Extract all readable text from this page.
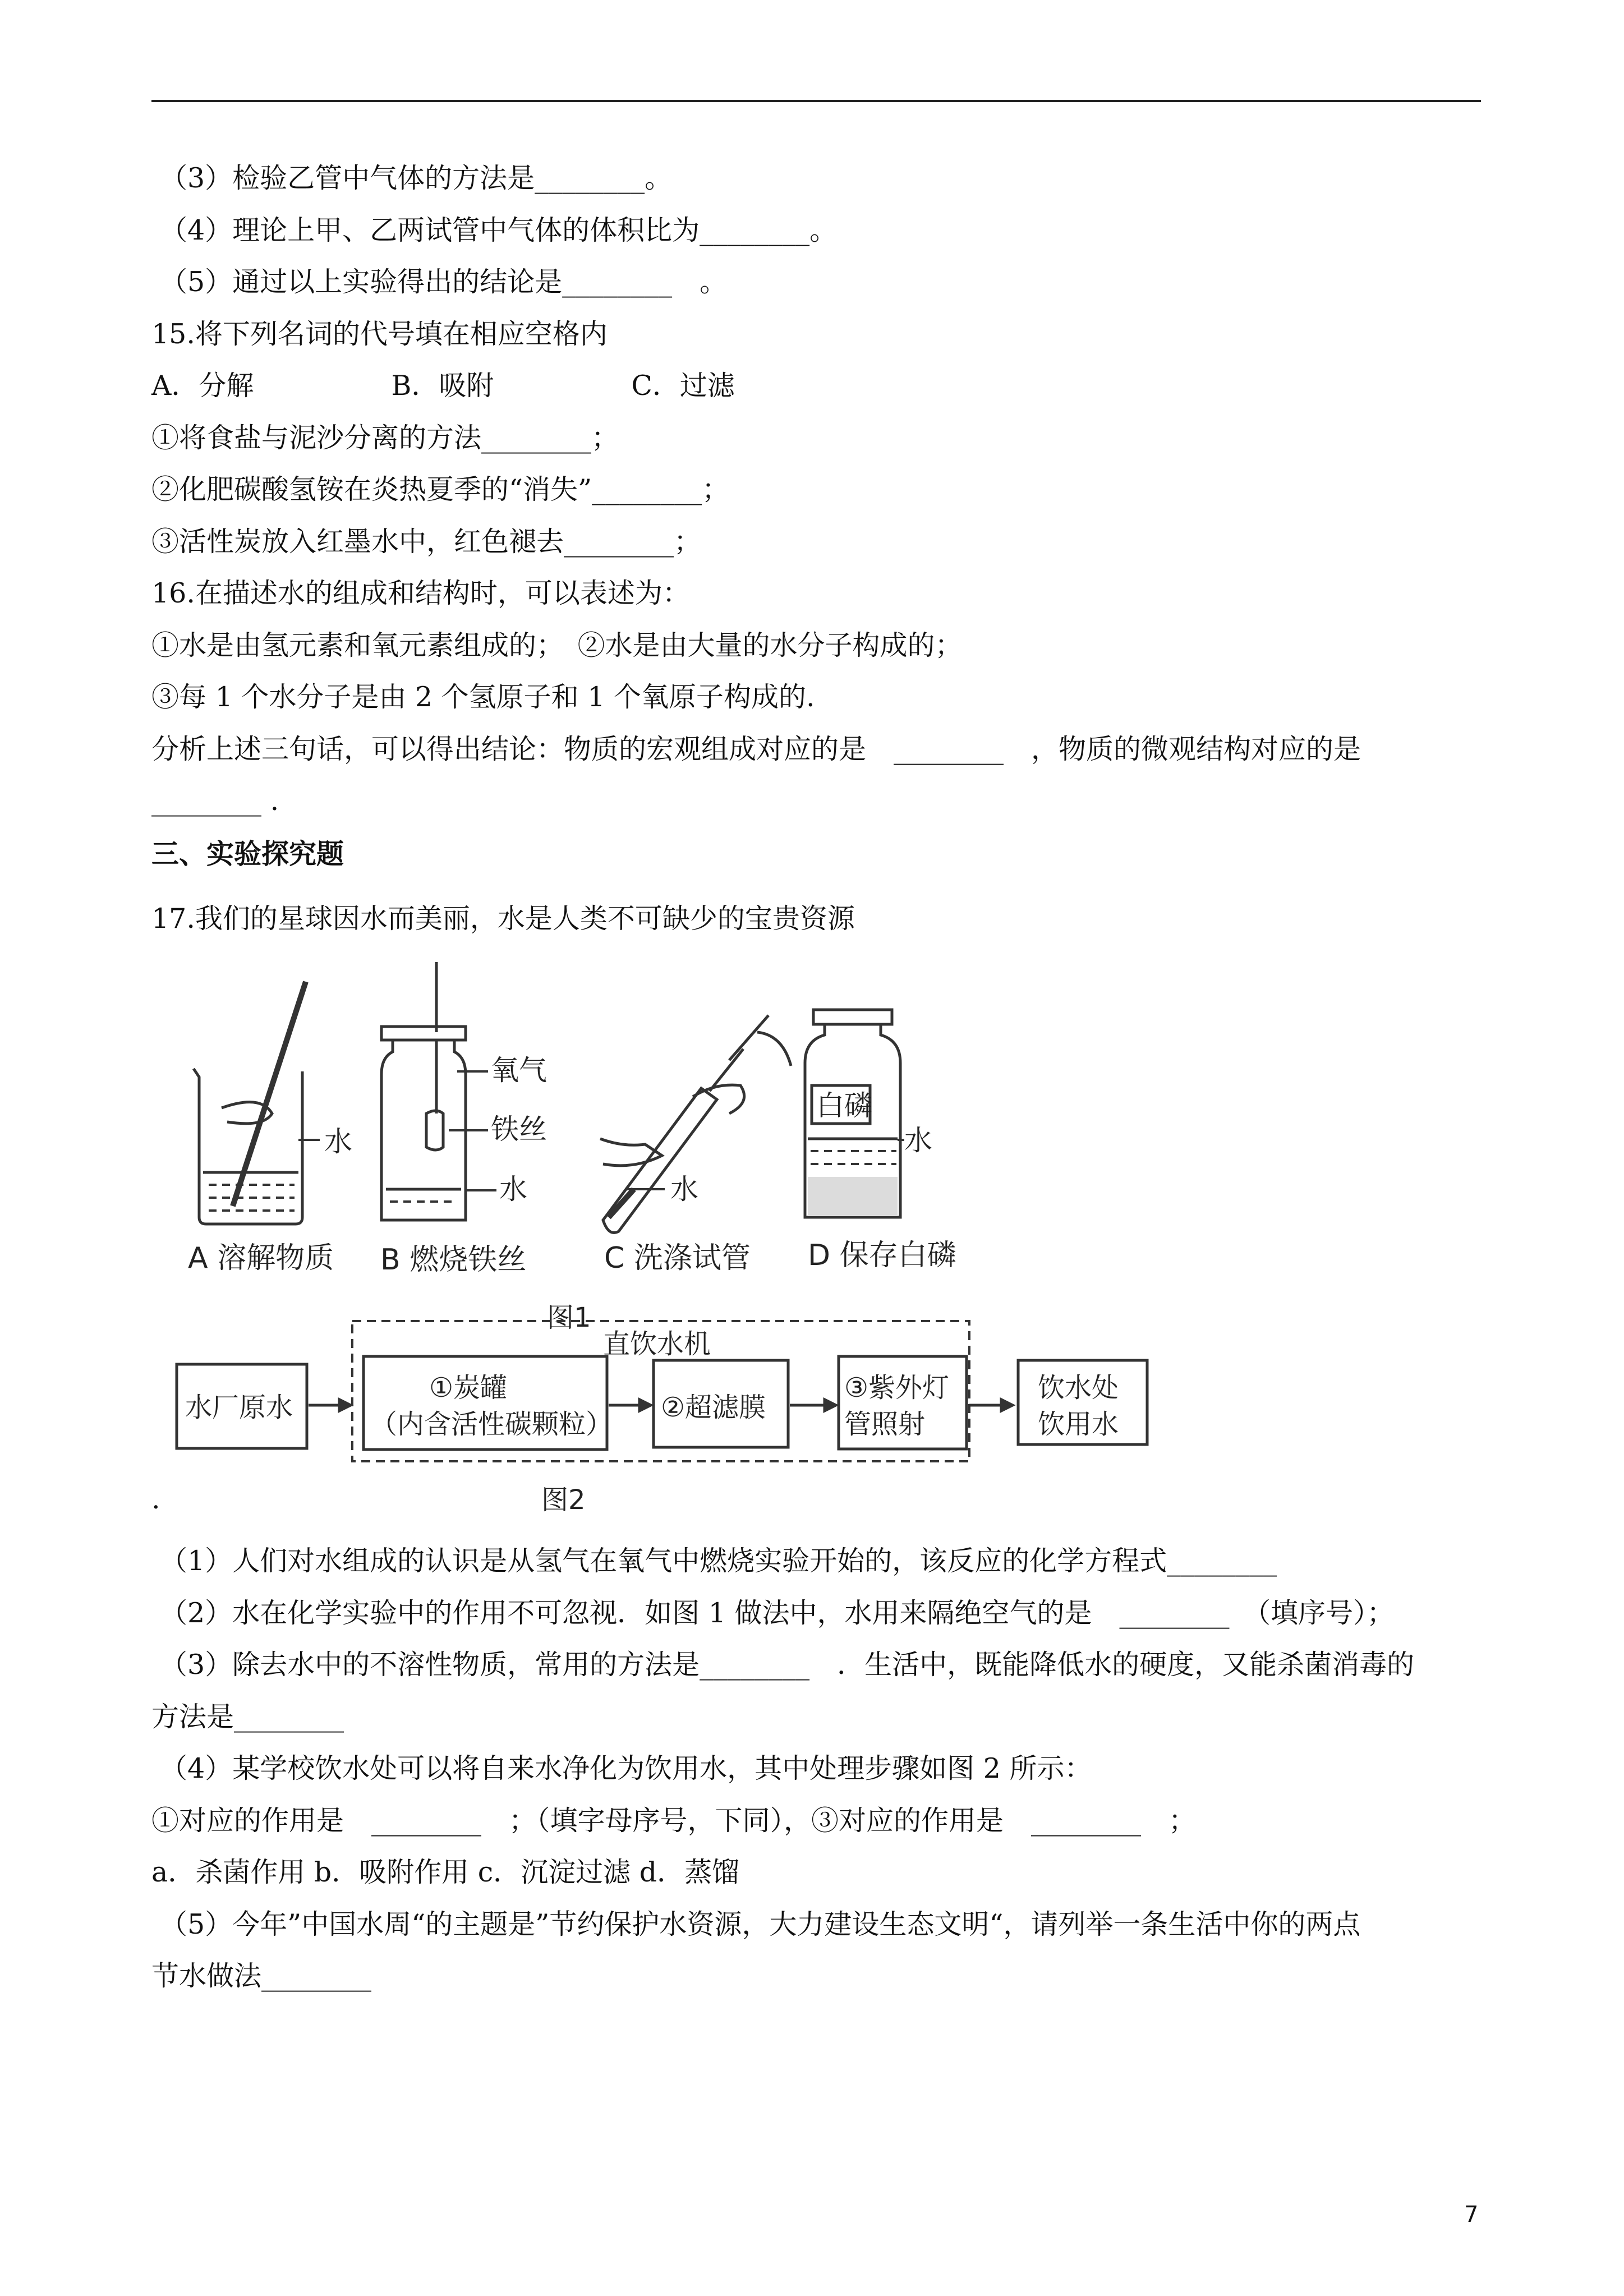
（3）检验乙管中气体的方法是________。
（4）理论上甲、乙两试管中气体的体积比为________。
（5）通过以上实验得出的结论是________　。
15.将下列名词的代号填在相应空格内
A．分解　　　　　B．吸附　　　　　C．过滤
①将食盐与泥沙分离的方法________；
②化肥碳酸氢铵在炎热夏季的“消失”________；
③活性炭放入红墨水中，红色褪去________；
16.在描述水的组成和结构时，可以表述为：
①水是由氢元素和氧元素组成的；　②水是由大量的水分子构成的；
③每 1 个水分子是由 2 个氢原子和 1 个氧原子构成的.
分析上述三句话，可以得出结论：物质的宏观组成对应的是　________　，物质的微观结构对应的是
________ .
三、实验探究题
17.我们的星球因水而美丽，水是人类不可缺少的宝贵资源
水
氧气
铁丝
水	水
白磷
水
A 溶解物质 B 燃烧铁丝	C 洗涤试管 D 保存白磷
图1
直饮水机
水厂原水
①炭罐
（内含活性碳颗粒）
②超滤膜
③紫外灯
管照射
饮水处
饮用水
图2
.
（1）人们对水组成的认识是从氢气在氧气中燃烧实验开始的，该反应的化学方程式________
（2）水在化学实验中的作用不可忽视．如图 1 做法中，水用来隔绝空气的是　________　（填序号）；
（3）除去水中的不溶性物质，常用的方法是________　．生活中，既能降低水的硬度，又能杀菌消毒的
方法是________
（4）某学校饮水处可以将自来水净化为饮用水，其中处理步骤如图 2 所示：
①对应的作用是　________　；（填字母序号，下同），③对应的作用是　________　；
a．杀菌作用 b．吸附作用 c．沉淀过滤 d．蒸馏
（5）今年”中国水周“的主题是”节约保护水资源，大力建设生态文明“，请列举一条生活中你的两点
节水做法________
7
